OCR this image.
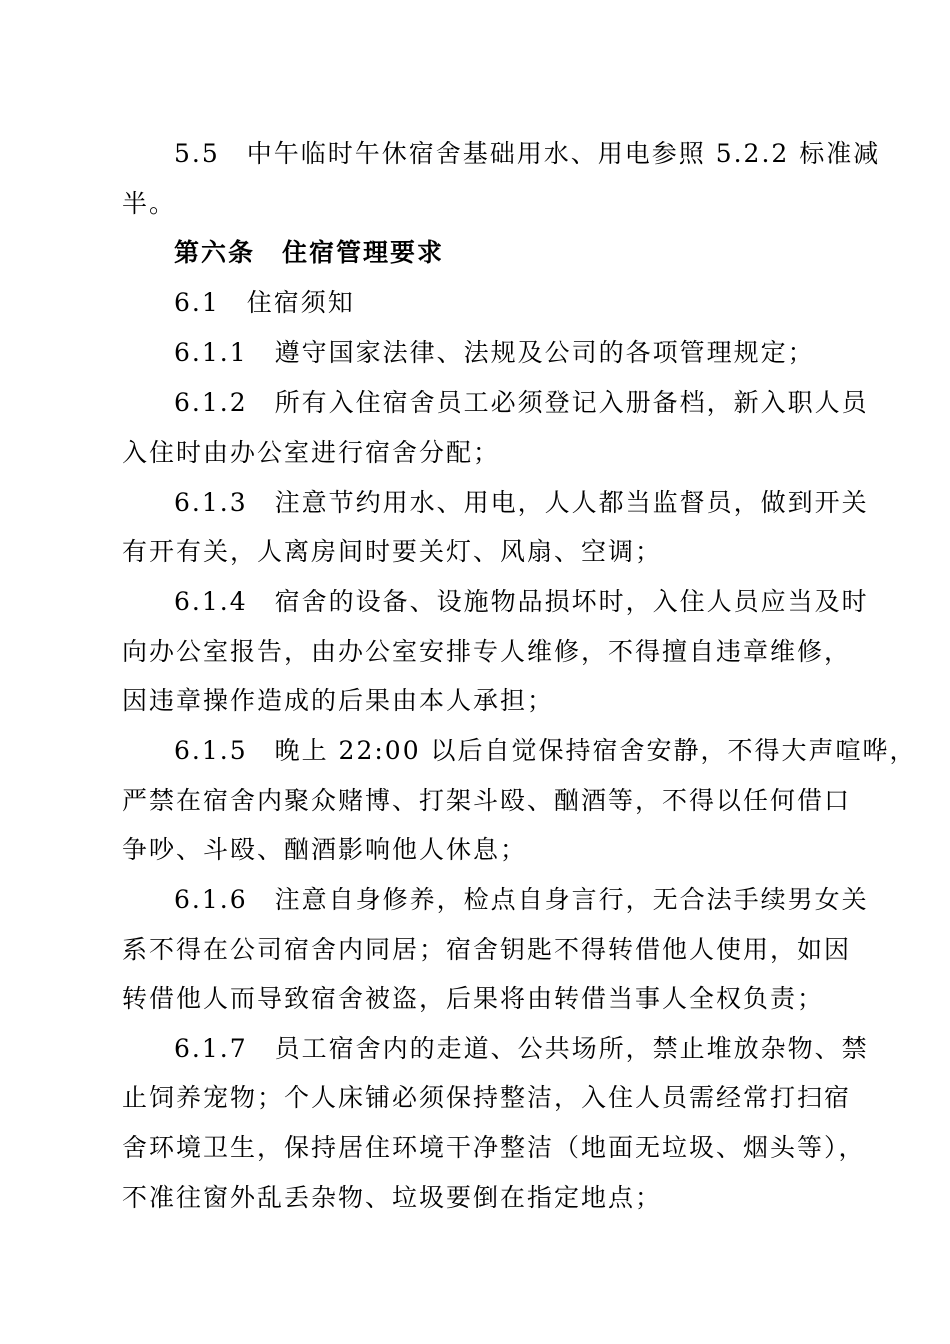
5.5　中午临时午休宿舍基础用水、用电参照 5.2.2 标准减
半。
第六条　住宿管理要求
6.1　住宿须知
6.1.1　遵守国家法律、法规及公司的各项管理规定；
6.1.2　所有入住宿舍员工必须登记入册备档，新入职人员
入住时由办公室进行宿舍分配；
6.1.3　注意节约用水、用电，人人都当监督员，做到开关
有开有关，人离房间时要关灯、风扇、空调；
6.1.4　宿舍的设备、设施物品损坏时，入住人员应当及时
向办公室报告，由办公室安排专人维修，不得擅自违章维修，
因违章操作造成的后果由本人承担；
6.1.5　晚上 22:00 以后自觉保持宿舍安静，不得大声喧哗，
严禁在宿舍内聚众赌博、打架斗殴、酗酒等，不得以任何借口
争吵、斗殴、酗酒影响他人休息；
6.1.6　注意自身修养，检点自身言行，无合法手续男女关
系不得在公司宿舍内同居；宿舍钥匙不得转借他人使用，如因
转借他人而导致宿舍被盗，后果将由转借当事人全权负责；
6.1.7　员工宿舍内的走道、公共场所，禁止堆放杂物、禁
止饲养宠物；个人床铺必须保持整洁，入住人员需经常打扫宿
舍环境卫生，保持居住环境干净整洁（地面无垃圾、烟头等），
不准往窗外乱丢杂物、垃圾要倒在指定地点；
